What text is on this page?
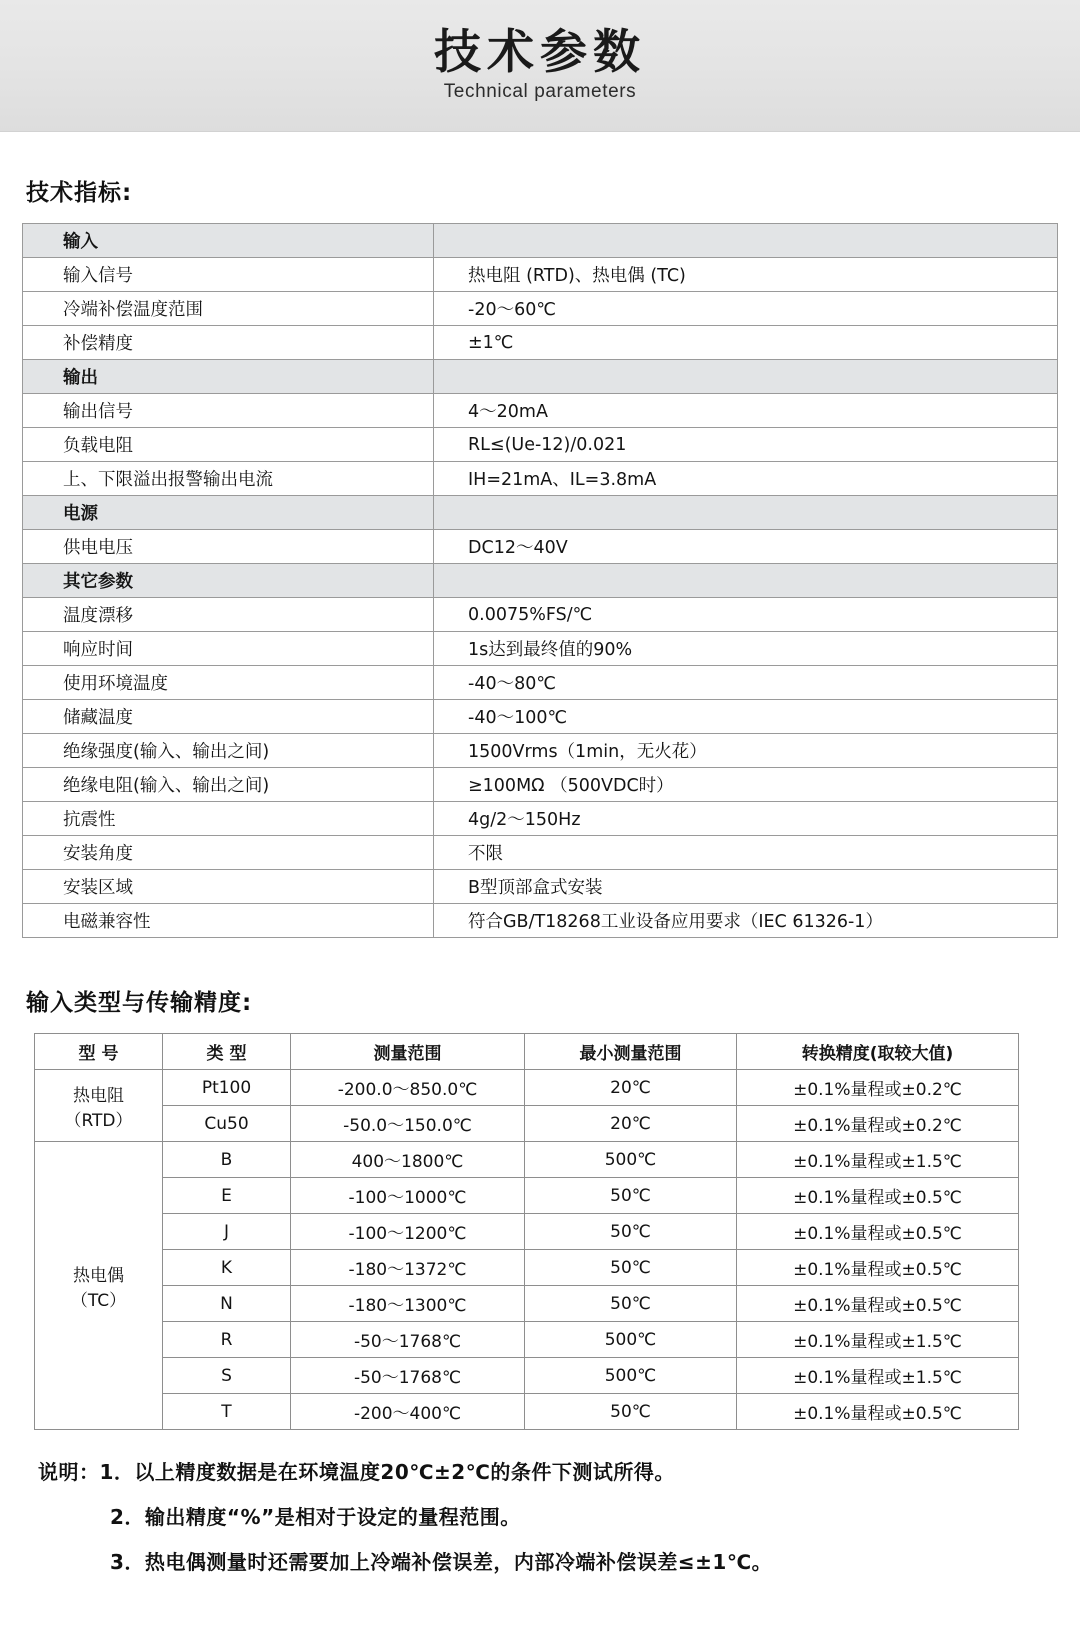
技术参数
Technical parameters
技术指标:
输入	
输入信号	热电阻 (RTD)、热电偶 (TC)
冷端补偿温度范围	-20～60℃
补偿精度	±1℃
输出	
输出信号	4～20mA
负载电阻	RL≤(Ue-12)/0.021
上、下限溢出报警输出电流	IH=21mA、IL=3.8mA
电源	
供电电压	DC12～40V
其它参数	
温度漂移	0.0075%FS/℃
响应时间	1s达到最终值的90%
使用环境温度	-40～80℃
储藏温度	-40～100℃
绝缘强度(输入、输出之间)	1500Vrms（1min，无火花）
绝缘电阻(输入、输出之间)	≥100MΩ （500VDC时）
抗震性	4g/2～150Hz
安装角度	不限
安装区域	B型顶部盒式安装
电磁兼容性	符合GB/T18268工业设备应用要求（IEC 61326-1）
输入类型与传输精度:
型 号	类 型	测量范围	最小测量范围	转换精度(取较大值)

热电阻
（RTD）	Pt100	-200.0～850.0℃	20℃	±0.1%量程或±0.2℃
	Cu50	-50.0～150.0℃	20℃	±0.1%量程或±0.2℃

热电偶
（TC）	B	400～1800℃	500℃	±0.1%量程或±1.5℃
	E	-100～1000℃	50℃	±0.1%量程或±0.5℃
	J	-100～1200℃	50℃	±0.1%量程或±0.5℃
	K	-180～1372℃	50℃	±0.1%量程或±0.5℃
	N	-180～1300℃	50℃	±0.1%量程或±0.5℃
	R	-50～1768℃	500℃	±0.1%量程或±1.5℃
	S	-50～1768℃	500℃	±0.1%量程或±1.5℃
	T	-200～400℃	50℃	±0.1%量程或±0.5℃
说明：1．以上精度数据是在环境温度20℃±2℃的条件下测试所得。
2．输出精度“%”是相对于设定的量程范围。
3．热电偶测量时还需要加上冷端补偿误差，内部冷端补偿误差≤±1℃。
